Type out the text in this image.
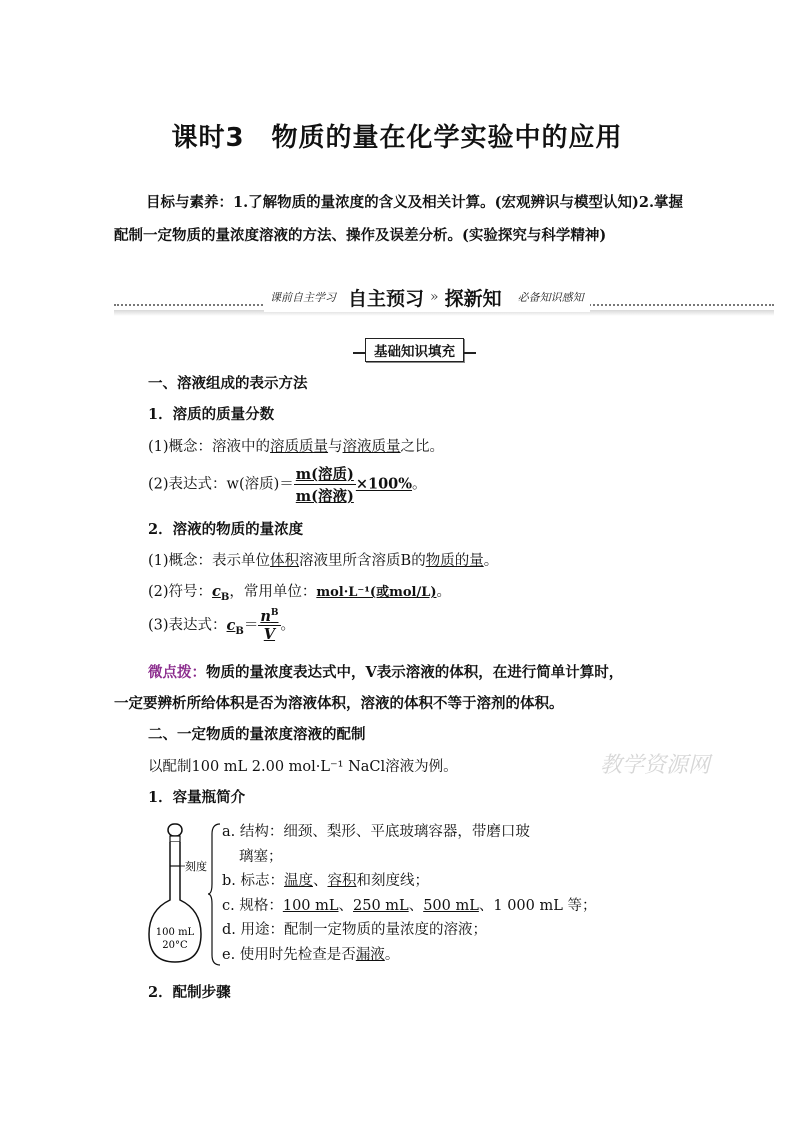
课时3　物质的量在化学实验中的应用
目标与素养：1.了解物质的量浓度的含义及相关计算。(宏观辨识与模型认知)2.掌握配制一定物质的量浓度溶液的方法、操作及误差分析。(实验探究与科学精神)
课前自主学习 自主预习 » 探新知 必备知识感知
基础知识填充
一、溶液组成的表示方法
1．溶质的质量分数
(1)概念：溶液中的溶质质量与溶液质量之比。
(2)表达式：w(溶质)＝ $\frac{\text{m(溶质)}}{\text{m(溶液)}} \times 100\%$。
2．溶液的物质的量浓度
(1)概念：表示单位体积溶液里所含溶质B的物质的量。
(2)符号：$c_B$，常用单位：mol·L⁻¹(或mol/L)。
(3)表达式：$c_B= \frac{n^B}{V}$ 。
微点拨：物质的量浓度表达式中，V表示溶液的体积，在进行简单计算时，
一定要辨析所给体积是否为溶液体积，溶液的体积不等于溶剂的体积。
二、一定物质的量浓度溶液的配制
以配制100 mL 2.00 mol·L⁻¹ NaCl溶液为例。
1．容量瓶简介
刻度
100 mL
20°C
a. 结构：细颈、梨形、平底玻璃容器，带磨口玻
璃塞；
b. 标志：温度、容积和刻度线；
c. 规格：100 mL、250 mL、500 mL、1 000 mL 等；
d. 用途：配制一定物质的量浓度的溶液；
e. 使用时先检查是否漏液。
2．配制步骤
教学资源网
